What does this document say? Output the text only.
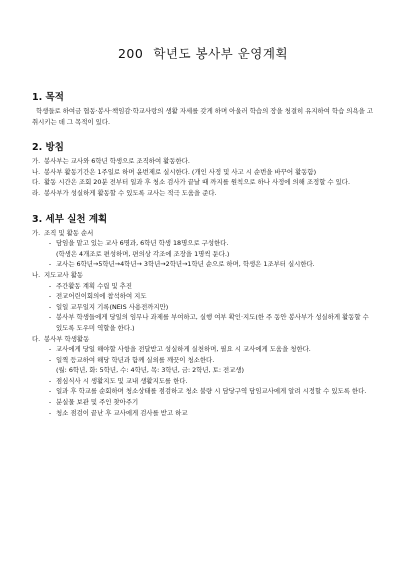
200 학년도 봉사부 운영계획
1. 목적

학생들로 하여금 협동·봉사·책임감·학교사랑의 생활 자세를 갖게 하며 아울러 학습의 장을 청결히 유지하여 학습 의욕을 고취시키는 데 그 목적이 있다.

2. 방침
가. 봉사부는 교사와 6학년 학생으로 조직하여 활동한다.
나. 봉사부 활동기간은 1주일로 하며 윤번제로 실시한다. (개인 사정 및 사고 시 순번을 바꾸어 활동함)
다. 활동 시간은 조회 20분 전부터 일과 후 청소 검사가 끝날 때 까지를 원칙으로 하나 사정에 의해 조정할 수 있다.
라. 봉사부가 성실하게 활동할 수 있도록 교사는 적극 도움을 준다.
3. 세부 실천 계획
가. 조직 및 활동 순서
- 담임을 맡고 있는 교사 6명과, 6학년 학생 18명으로 구성한다.
(학생은 4개조로 편성하며, 편의상 각조에 조장을 1명씩 둔다.)
- 교사는 6학년→5학년→4학년→ 3학년→2학년→1학년 순으로 하며, 학생은 1조부터 실시한다.
나. 지도교사 활동
- 주간활동 계획 수립 및 추진
- 전교어린이회의에 참석하여 지도
- 일일 교무일지 기록(NEIS 사용전까지만)
- 봉사부 학생들에게 당일의 임무나 과제를 부여하고, 실행 여부 확인·지도(한 주 동안 봉사부가 성실하게 활동할 수 있도록 도우미 역할을 한다.)
다. 봉사부 학생활동
- 교사에게 당일 해야할 사항을 전달받고 성실하게 실천하며, 필요 시 교사에게 도움을 청한다.
- 일찍 등교하여 해당 학년과 함께 실외를 깨끗이 청소한다.
(월: 6학년, 화: 5학년, 수: 4학년, 목: 3학년, 금: 2학년, 토: 전교생)
- 점심식사 시 생활지도 및 교내 생활지도를 한다.
- 일과 후 학교를 순회하며 청소상태를 점검하고 청소 불량 시 담당구역 담임교사에게 알려 시정할 수 있도록 한다.
- 분실물 보관 및 주인 찾아주기
- 청소 점검이 끝난 후 교사에게 검사를 받고 하교
